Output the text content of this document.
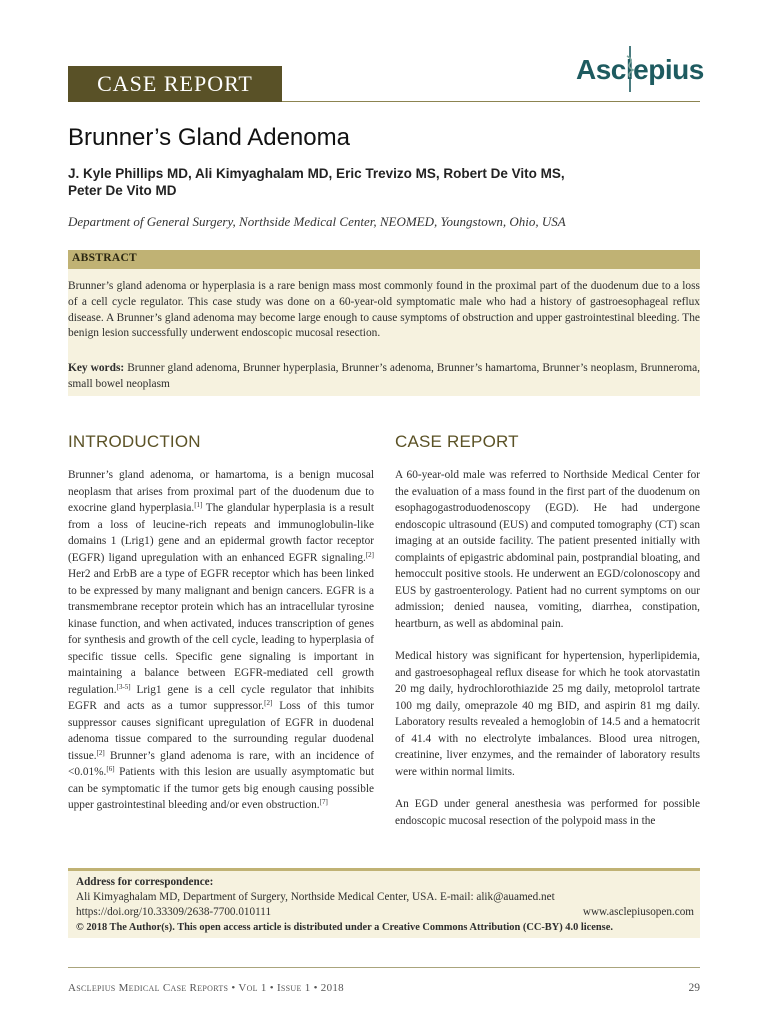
CASE REPORT	Asclepius
Brunner’s Gland Adenoma
J. Kyle Phillips MD, Ali Kimyaghalam MD, Eric Trevizo MS, Robert De Vito MS,
Peter De Vito MD
Department of General Surgery, Northside Medical Center, NEOMED, Youngstown, Ohio, USA
ABSTRACT
Brunner’s gland adenoma or hyperplasia is a rare benign mass most commonly found in the proximal part of the duodenum due to a loss of a cell cycle regulator. This case study was done on a 60-year-old symptomatic male who had a history of gastroesophageal reflux disease. A Brunner’s gland adenoma may become large enough to cause symptoms of obstruction and upper gastrointestinal bleeding. The benign lesion successfully underwent endoscopic mucosal resection.
Key words: Brunner gland adenoma, Brunner hyperplasia, Brunner’s adenoma, Brunner’s hamartoma, Brunner’s neoplasm, Brunneroma, small bowel neoplasm
INTRODUCTION
Brunner’s gland adenoma, or hamartoma, is a benign mucosal neoplasm that arises from proximal part of the duodenum due to exocrine gland hyperplasia.[1] The glandular hyperplasia is a result from a loss of leucine-rich repeats and immunoglobulin-like domains 1 (Lrig1) gene and an epidermal growth factor receptor (EGFR) ligand upregulation with an enhanced EGFR signaling.[2] Her2 and ErbB are a type of EGFR receptor which has been linked to be expressed by many malignant and benign cancers. EGFR is a transmembrane receptor protein which has an intracellular tyrosine kinase function, and when activated, induces transcription of genes for synthesis and growth of the cell cycle, leading to hyperplasia of specific tissue cells. Specific gene signaling is important in maintaining a balance between EGFR-mediated cell growth regulation.[3-5] Lrig1 gene is a cell cycle regulator that inhibits EGFR and acts as a tumor suppressor.[2] Loss of this tumor suppressor causes significant upregulation of EGFR in duodenal adenoma tissue compared to the surrounding regular duodenal tissue.[2] Brunner’s gland adenoma is rare, with an incidence of <0.01%.[6] Patients with this lesion are usually asymptomatic but can be symptomatic if the tumor gets big enough causing possible upper gastrointestinal bleeding and/or even obstruction.[7]
CASE REPORT

A 60-year-old male was referred to Northside Medical Center for the evaluation of a mass found in the first part of the duodenum on esophagogastroduodenoscopy (EGD). He had undergone endoscopic ultrasound (EUS) and computed tomography (CT) scan imaging at an outside facility. The patient presented initially with complaints of epigastric abdominal pain, postprandial bloating, and hemoccult positive stools. He underwent an EGD/colonoscopy and EUS by gastroenterology. Patient had no current symptoms on our admission; denied nausea, vomiting, diarrhea, constipation, heartburn, as well as abdominal pain.

Medical history was significant for hypertension, hyperlipidemia, and gastroesophageal reflux disease for which he took atorvastatin 20 mg daily, hydrochlorothiazide 25 mg daily, metoprolol tartrate 100 mg daily, omeprazole 40 mg BID, and aspirin 81 mg daily. Laboratory results revealed a hemoglobin of 14.5 and a hematocrit of 41.4 with no electrolyte imbalances. Blood urea nitrogen, creatinine, liver enzymes, and the remainder of laboratory results were within normal limits.

An EGD under general anesthesia was performed for possible endoscopic mucosal resection of the polypoid mass in the

Address for correspondence:
Ali Kimyaghalam MD, Department of Surgery, Northside Medical Center, USA. E-mail: alik@auamed.net
https://doi.org/10.33309/2638-7700.010111	www.asclepiusopen.com
© 2018 The Author(s). This open access article is distributed under a Creative Commons Attribution (CC-BY) 4.0 license.
Asclepius Medical Case Reports • Vol 1 • Issue 1 • 2018	29
